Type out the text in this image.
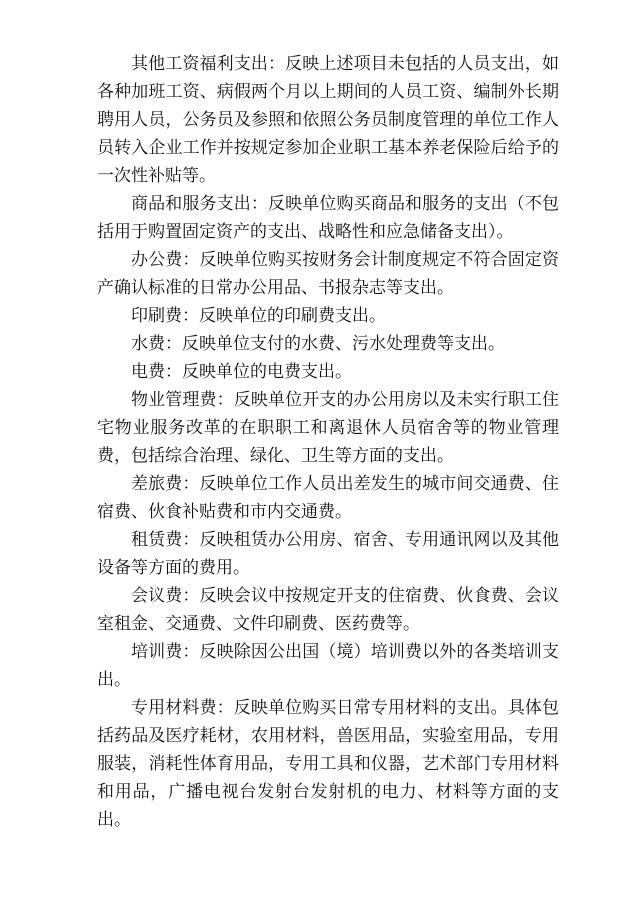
其他工资福利支出：反映上述项目未包括的人员支出，如各种加班工资、病假两个月以上期间的人员工资、编制外长期聘用人员，公务员及参照和依照公务员制度管理的单位工作人员转入企业工作并按规定参加企业职工基本养老保险后给予的一次性补贴等。

商品和服务支出：反映单位购买商品和服务的支出（不包括用于购置固定资产的支出、战略性和应急储备支出）。

办公费：反映单位购买按财务会计制度规定不符合固定资产确认标准的日常办公用品、书报杂志等支出。

印刷费：反映单位的印刷费支出。

水费：反映单位支付的水费、污水处理费等支出。

电费：反映单位的电费支出。

物业管理费：反映单位开支的办公用房以及未实行职工住宅物业服务改革的在职职工和离退休人员宿舍等的物业管理费，包括综合治理、绿化、卫生等方面的支出。

差旅费：反映单位工作人员出差发生的城市间交通费、住宿费、伙食补贴费和市内交通费。

租赁费：反映租赁办公用房、宿舍、专用通讯网以及其他设备等方面的费用。

会议费：反映会议中按规定开支的住宿费、伙食费、会议室租金、交通费、文件印刷费、医药费等。

培训费：反映除因公出国（境）培训费以外的各类培训支出。

专用材料费：反映单位购买日常专用材料的支出。具体包括药品及医疗耗材，农用材料，兽医用品，实验室用品，专用服装，消耗性体育用品，专用工具和仪器，艺术部门专用材料和用品，广播电视台发射台发射机的电力、材料等方面的支出。
